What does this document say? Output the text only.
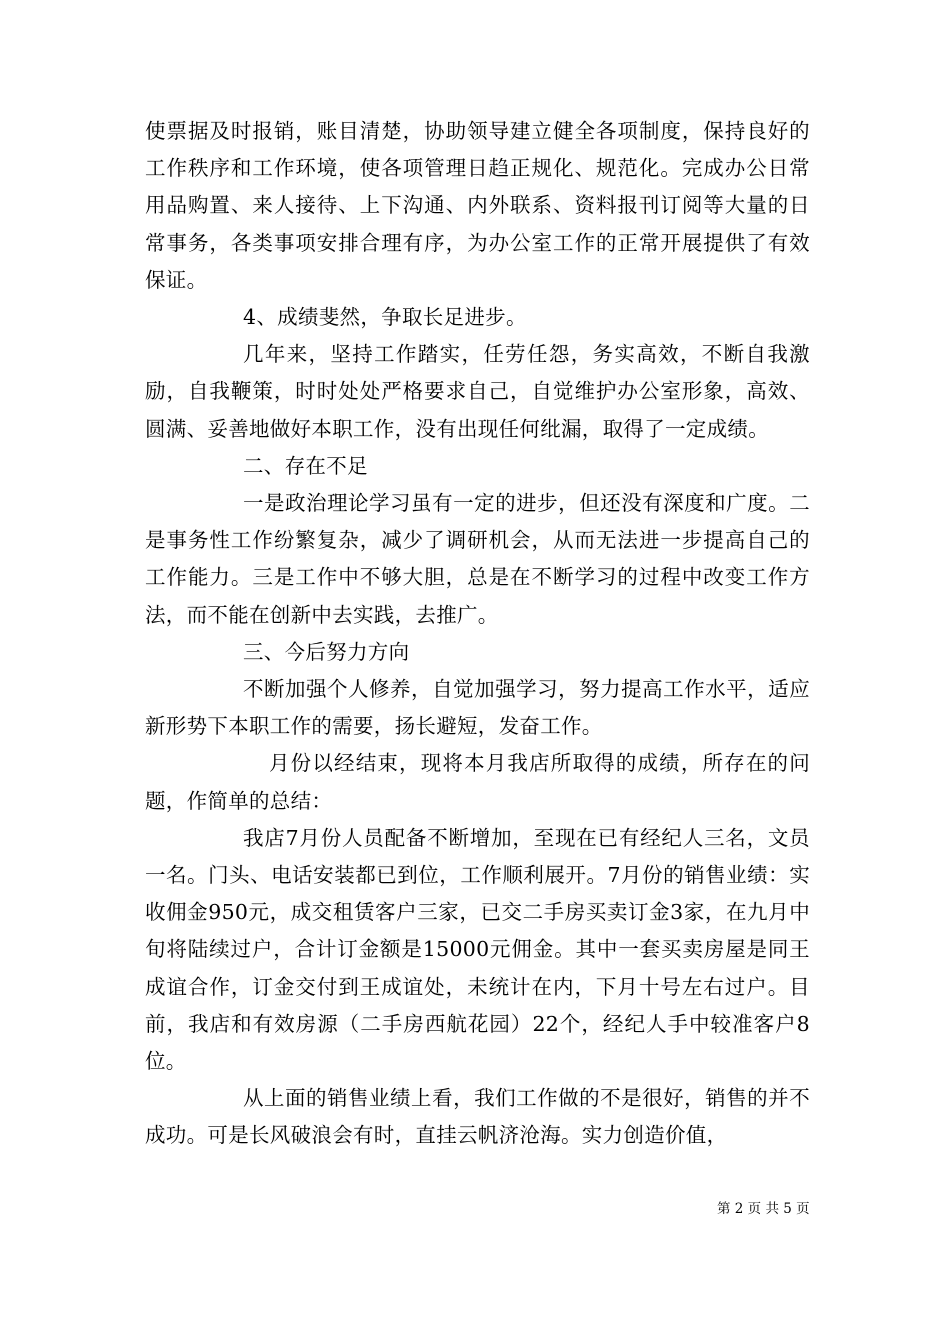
使票据及时报销，账目清楚，协助领导建立健全各项制度，保持良好的工作秩序和工作环境，使各项管理日趋正规化、规范化。完成办公日常用品购置、来人接待、上下沟通、内外联系、资料报刊订阅等大量的日常事务，各类事项安排合理有序，为办公室工作的正常开展提供了有效保证。

4、成绩斐然，争取长足进步。

几年来，坚持工作踏实，任劳任怨，务实高效，不断自我激励，自我鞭策，时时处处严格要求自己，自觉维护办公室形象，高效、圆满、妥善地做好本职工作，没有出现任何纰漏，取得了一定成绩。

二、存在不足

一是政治理论学习虽有一定的进步，但还没有深度和广度。二是事务性工作纷繁复杂，减少了调研机会，从而无法进一步提高自己的工作能力。三是工作中不够大胆，总是在不断学习的过程中改变工作方法，而不能在创新中去实践，去推广。

三、今后努力方向

不断加强个人修养，自觉加强学习，努力提高工作水平，适应新形势下本职工作的需要，扬长避短，发奋工作。

月份以经结束，现将本月我店所取得的成绩，所存在的问题，作简单的总结：

我店7月份人员配备不断增加，至现在已有经纪人三名，文员一名。门头、电话安装都已到位，工作顺利展开。7月份的销售业绩：实收佣金950元，成交租赁客户三家，已交二手房买卖订金3家，在九月中旬将陆续过户，合计订金额是15000元佣金。其中一套买卖房屋是同王成谊合作，订金交付到王成谊处，未统计在内，下月十号左右过户。目前，我店和有效房源（二手房西航花园）22个，经纪人手中较准客户8位。

从上面的销售业绩上看，我们工作做的不是很好，销售的并不成功。可是长风破浪会有时，直挂云帆济沧海。实力创造价值，

第 2 页 共 5 页
